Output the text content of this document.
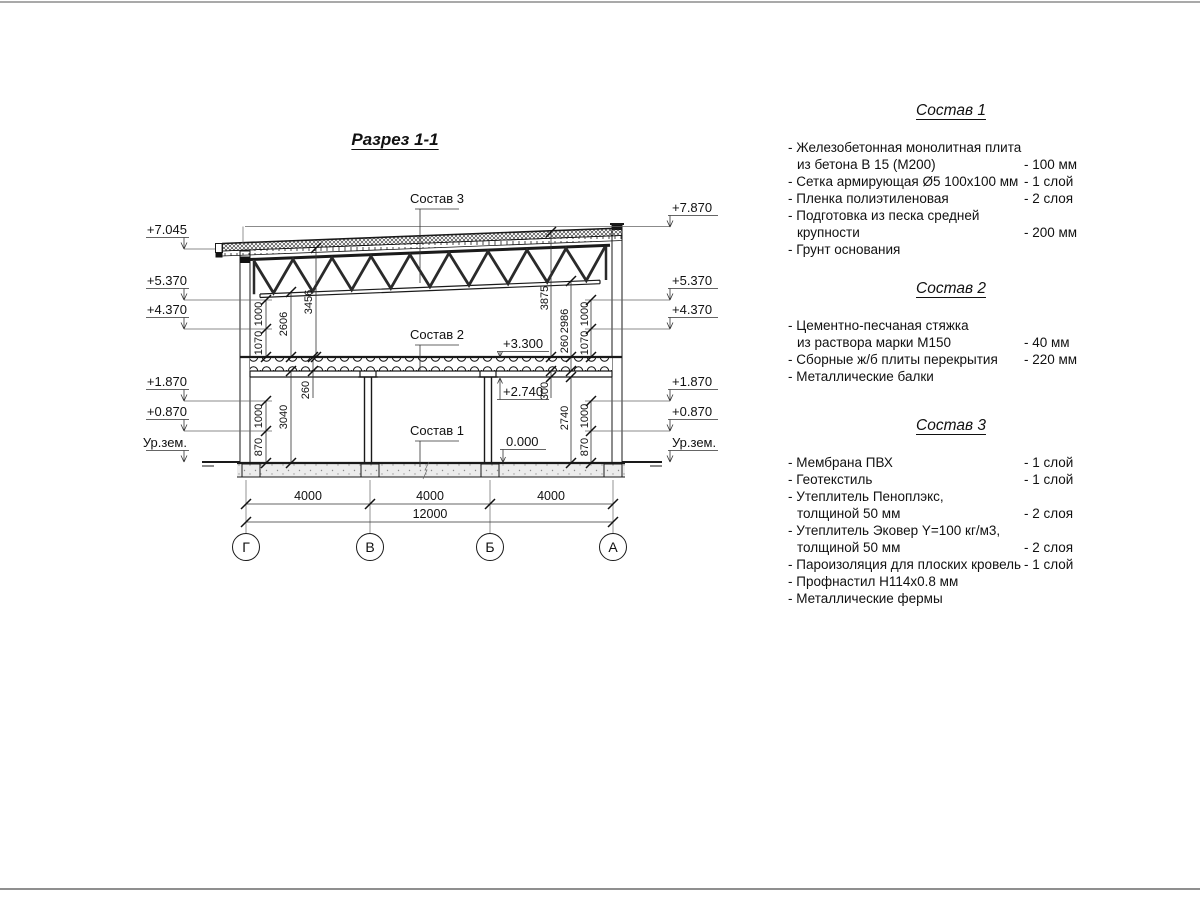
Разрез 1-1
1000
1070
2606
3456
1000
870
3040
260
3875
2986 1000
260 1070
300
2740 1000
870
+7.045
+5.370
+4.370
+1.870
+0.870
Ур.зем.
+7.870
+5.370
+4.370
+1.870
+0.870
Ур.зем.
Состав 3
Состав 2
Состав 1
+3.300
+2.740
0.000
4000	4000	4000
12000
Г	В	Б	А
Состав 1
- Железобетонная монолитная плита
из бетона В 15 (М200)	- 100 мм
- Сетка армирующая Ø5 100х100 мм - 1 слой
- Пленка полиэтиленовая	- 2 слоя
- Подготовка из песка средней
крупности	- 200 мм
- Грунт основания
Состав 2
- Цементно-песчаная стяжка
из раствора марки М150	- 40 мм
- Сборные ж/б плиты перекрытия	- 220 мм
- Металлические балки
Состав 3
- Мембрана ПВХ	- 1 слой
- Геотекстиль	- 1 слой
- Утеплитель Пеноплэкс,
толщиной 50 мм	- 2 слоя
- Утеплитель Эковер Y=100 кг/м3,
толщиной 50 мм	- 2 слоя
- Пароизоляция для плоских кровель - 1 слой
- Профнастил Н114х0.8 мм
- Металлические фермы
